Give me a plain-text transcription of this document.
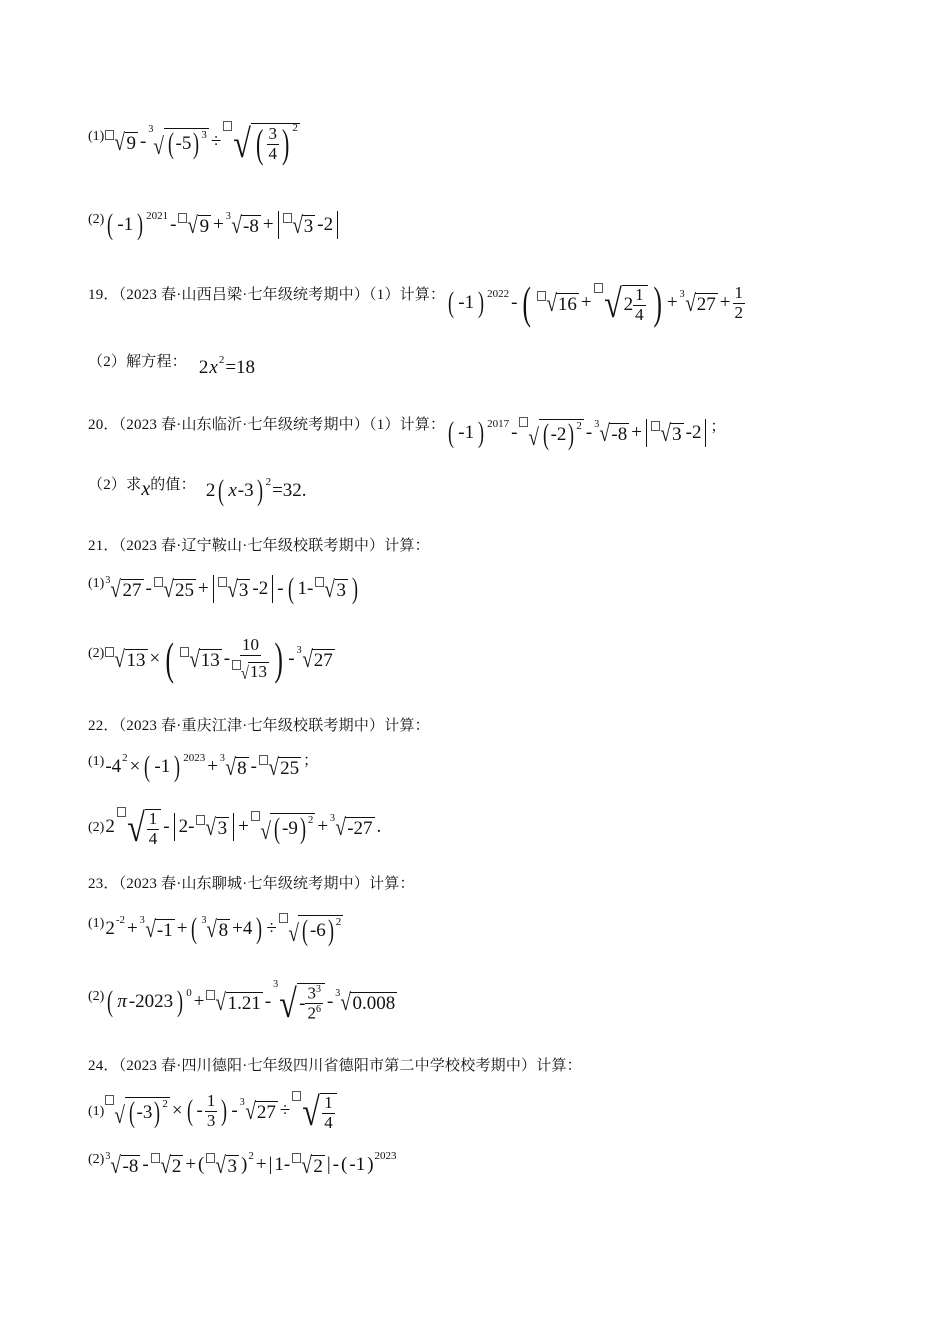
(1) √ 9 -
3
√ ( -5 ) 3 ÷ √ ( $\frac{3}{4}$ ) 2
(2) ( -1 ) 2021 - √ 9 + 3 √ -8 + √ 3 -2
19．（2023 春·山西吕梁·七年级统考期中）（1）计算： ( -1 ) 2022 - ( √ 16 + √ $2 \frac{1}{4}$ ) + 3 √ $27 + \frac{1}{2}$
（2）解方程： 2 x 2 =18
20．（2023 春·山东临沂·七年级统考期中）（1）计算： ( -1 ) 2017 - √ ( -2 ) 2 - 3 √ -8 + √ 3 -2 ；
（2）求x的值： 2 ( x -3 ) 2 =32.
21．（2023 春·辽宁鞍山·七年级校联考期中）计算：
(1) 3 √ 27 - √ 25 + √ 3 -2 - ( 1- √ 3 )
(2) √ 13 × ( √ $13 - \frac{10}{√ 13}$ ) - 3 √ 27
22．（2023 春·重庆江津·七年级校联考期中）计算：
(1) -4 2 × ( -1 ) 2023 + 3 √ 8 - √ 25 ；
(2) 2 √ $\frac{1}{4} - 2-$ √ 3 + √ ( -9 ) 2 + 3 √ -27 .
23．（2023 春·山东聊城·七年级统考期中）计算：
(1) 2 -2 + 3 √ -1 + ( 3 √ 8 +4 ) ÷ √ ( -6 ) 2
(2) ( π -2023 ) 0 + √ 1.21 -
3 √ - $\frac{3^3}{2^6} - 3$ √ 0.008
24．（2023 春·四川德阳·七年级四川省德阳市第二中学校校考期中）计算：
(1) √ ( -3 ) 2 × ( - $\frac{1}{3}$ ) - 3 √ 27 ÷ √ $\frac{1}{4}$
(2) 3 √ -8 - √ 2 + ( √ 3 ) 2 + | 1- √ 2 | - ( -1 ) 2023
